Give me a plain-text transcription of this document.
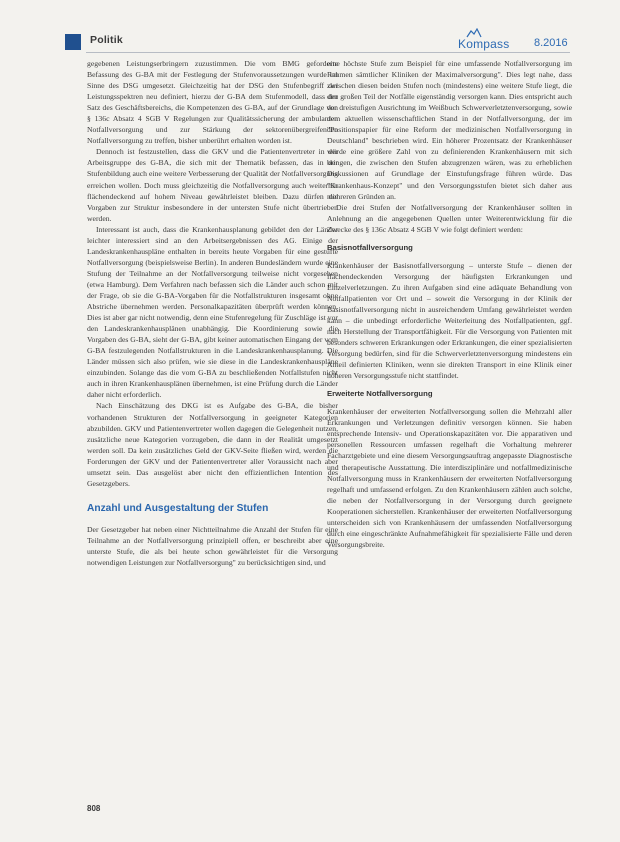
Politik	Kompass 8.2016

gegebenen Leistungserbringern zuzustimmen. Die vom BMG geforderte Befassung des G-BA mit der Festlegung der Stufenvoraussetzungen wurde im Sinne des DSG umgesetzt. Gleichzeitig hat der DSG den Stufenbegriff der Leistungsspektren neu definiert, hierzu der G-BA dem Stufenmodell, dass der Satz des Geschäftsbereichs, die Kompetenzen des G-BA, auf der Grundlage von § 136c Absatz 4 SGB V Regelungen zur Qualitätssicherung der ambulanten Notfallversorgung und zur Stärkung der sektorenübergreifenden Notfallversorgung zu treffen, bisher unberührt erhalten worden ist.

Dennoch ist festzustellen, dass die GKV und die Patientenvertreter in der Arbeitsgruppe des G-BA, die sich mit der Thematik befassen, das in der Stufenbildung auch eine weitere Verbesserung der Qualität der Notfallversorgung erreichen wollen. Doch muss gleichzeitig die Notfallversorgung auch weiterhin flächendeckend auf hohem Niveau gewährleistet bleiben. Dazu dürfen die Vorgaben zur Struktur insbesondere in der untersten Stufe nicht übertrieben werden.

Interessant ist auch, dass die Krankenhausplanung gebildet den der Länder leichter interessiert sind an den Arbeitsergebnissen des AG. Einige der Landeskrankenhauspläne enthalten in bereits heute Vorgaben für eine gestufte Notfallversorgung (beispielsweise Berlin). In anderen Bundesländern wurde eine Stufung der Teilnahme an der Notfallversorgung teilweise nicht vorgesehen (etwa Hamburg). Dem Verfahren nach befassen sich die Länder auch schon mit der Frage, ob sie die G-BA-Vorgaben für die Notfallstrukturen insgesamt ohne Abstriche übernehmen werden. Personalkapazitäten überprüft werden können. Dies ist aber gar nicht notwendig, denn eine Stufenregelung für Zuschläge ist vor den Landeskrankenhausplänen unabhängig. Die Koordinierung sowie die Vorgaben des G-BA, sieht der G-BA, gibt keiner automatischen Eingang der vom G-BA festzulegenden Notfallstrukturen in die Landeskrankenhausplanung. Die Länder müssen sich also prüfen, wie sie diese in die Landeskrankenhauspläne einzubinden. Solange das die vom G-BA zu beschließenden Notfallstufen nicht auch in ihren Krankenhausplänen übernehmen, ist eine Prüfung durch die Länder daher nicht erforderlich.

Nach Einschätzung des DKG ist es Aufgabe des G-BA, die bisher vorhandenen Strukturen der Notfallversorgung in geeigneter Kategorien abzubilden. GKV und Patientenvertreter wollen dagegen die Gelegenheit nutzen, zusätzliche neue Kategorien vorzugeben, die dann in der Realität umgesetzt werden soll. Da kein zusätzliches Geld der GKV-Seite fließen wird, werden die Forderungen der GKV und der Patientenvertreter aller Voraussicht nach aber umsetzt sein. Das ausgelöst aber nicht den effizientlichen Intention des Gesetzgebers.

Anzahl und Ausgestaltung der Stufen

Der Gesetzgeber hat neben einer Nichtteilnahme die Anzahl der Stufen für eine Teilnahme an der Notfallversorgung prinzipiell offen, er beschreibt aber eine unterste Stufe, die als bei heute schon gewährleistet für die Versorgung notwendigen Leistungen zur Notfallversorgung" zu berücksichtigen sind, und

eine höchste Stufe zum Beispiel für eine umfassende Notfallversorgung im Rahmen sämtlicher Kliniken der Maximalversorgung". Dies legt nahe, dass zwischen diesen beiden Stufen noch (mindestens) eine weitere Stufe liegt, die den großen Teil der Notfälle eigenständig versorgen kann. Dies entspricht auch der dreistufigen Ausrichtung im Weißbuch Schwerverletztenversorgung, sowie dem aktuellen wissenschaftlichen Stand in der Notfallversorgung, der im "Positionspapier für eine Reform der medizinischen Notfallversorgung in Deutschland" beschrieben wird. Ein höherer Prozentsatz der Krankenhäuser würde eine größere Zahl von zu definierenden Krankenhäusern mit sich bringen, die zwischen den Stufen abzugrenzen wären, was zu erheblichen Diskussionen auf Grundlage der Einstufungsfrage führen würde. Das "Krankenhaus-Konzept" und den Versorgungsstufen bietet sich daher aus mehreren Gründen an.

Die drei Stufen der Notfallversorgung der Krankenhäuser sollten in Anlehnung an die angegebenen Quellen unter Weiterentwicklung für die Zwecke des § 136c Absatz 4 SGB V wie folgt definiert werden:

Basisnotfallversorgung

Krankenhäuser der Basisnotfallversorgung – unterste Stufe – dienen der flächendeckenden Versorgung der häufigsten Erkrankungen und Einzelverletzungen. Zu ihren Aufgaben sind eine adäquate Behandlung von Notfallpatienten vor Ort und – soweit die Versorgung in der Klinik der Basisnotfallversorgung nicht in ausreichendem Umfang gewährleistet werden kann – die unbedingt erforderliche Weiterleitung des Notfallpatienten, ggf. nach Herstellung der Transportfähigkeit. Für die Versorgung von Patienten mit besonders schweren Erkrankungen oder Erkrankungen, die einer spezialisierten Versorgung bedürfen, sind für die Schwerverletztenversorgung mindestens ein Anteil definierten Kliniken, wenn sie direkten Transport in eine Klinik einer höheren Versorgungsstufe nicht stattfindet.

Erweiterte Notfallversorgung

Krankenhäuser der erweiterten Notfallversorgung sollen die Mehrzahl aller Erkrankungen und Verletzungen definitiv versorgen können. Sie haben entsprechende Intensiv- und Operationskapazitäten vor. Die apparativen und personellen Ressourcen umfassen regelhaft die Vorhaltung mehrerer Facharztgebiete und eine diesem Versorgungsauftrag angepasste Diagnostische und therapeutische Ausstattung. Die interdisziplinäre und notfallmedizinische Notfallversorgung muss in Krankenhäusern der erweiterten Notfallversorgung regelhaft und umfassend erfolgen. Zu den Krankenhäusern zählen auch solche, die neben der Notfallversorgung in der Versorgung durch geeignete Kooperationen sicherstellen. Krankenhäuser der erweiterten Notfallversorgung unterscheiden sich von Krankenhäusern der umfassenden Notfallversorgung durch eine eingeschränkte Aufnahmefähigkeit für spezialisierte Fälle und deren Versorgungsbreite.

808
